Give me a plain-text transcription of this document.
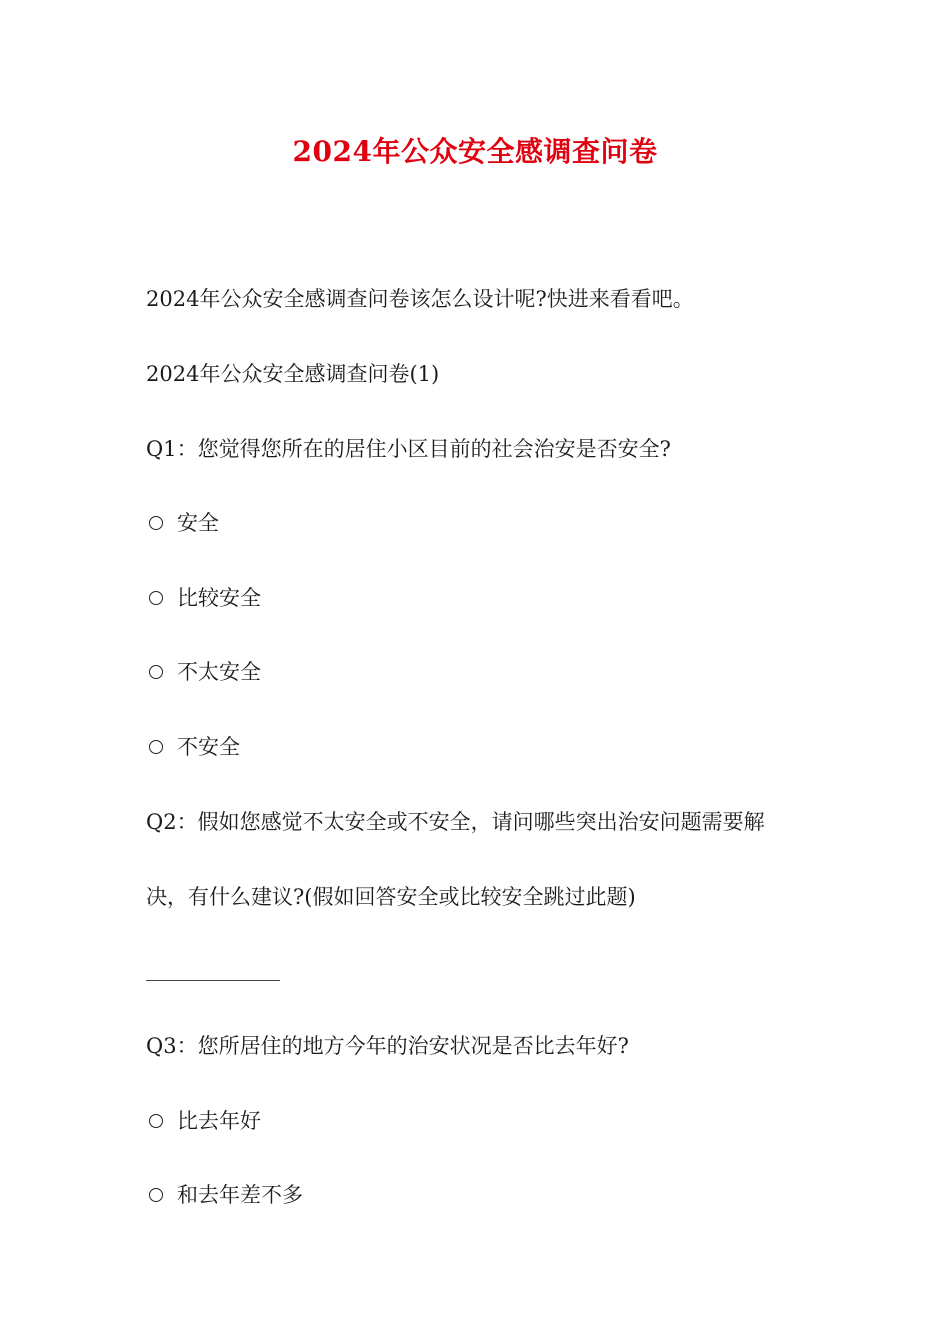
2024年公众安全感调查问卷
2024年公众安全感调查问卷该怎么设计呢?快进来看看吧。
2024年公众安全感调查问卷(1)
Q1：您觉得您所在的居住小区目前的社会治安是否安全?
安全
比较安全
不太安全
不安全
Q2：假如您感觉不太安全或不安全，请问哪些突出治安问题需要解
决，有什么建议?(假如回答安全或比较安全跳过此题)
Q3：您所居住的地方今年的治安状况是否比去年好?
比去年好
和去年差不多
